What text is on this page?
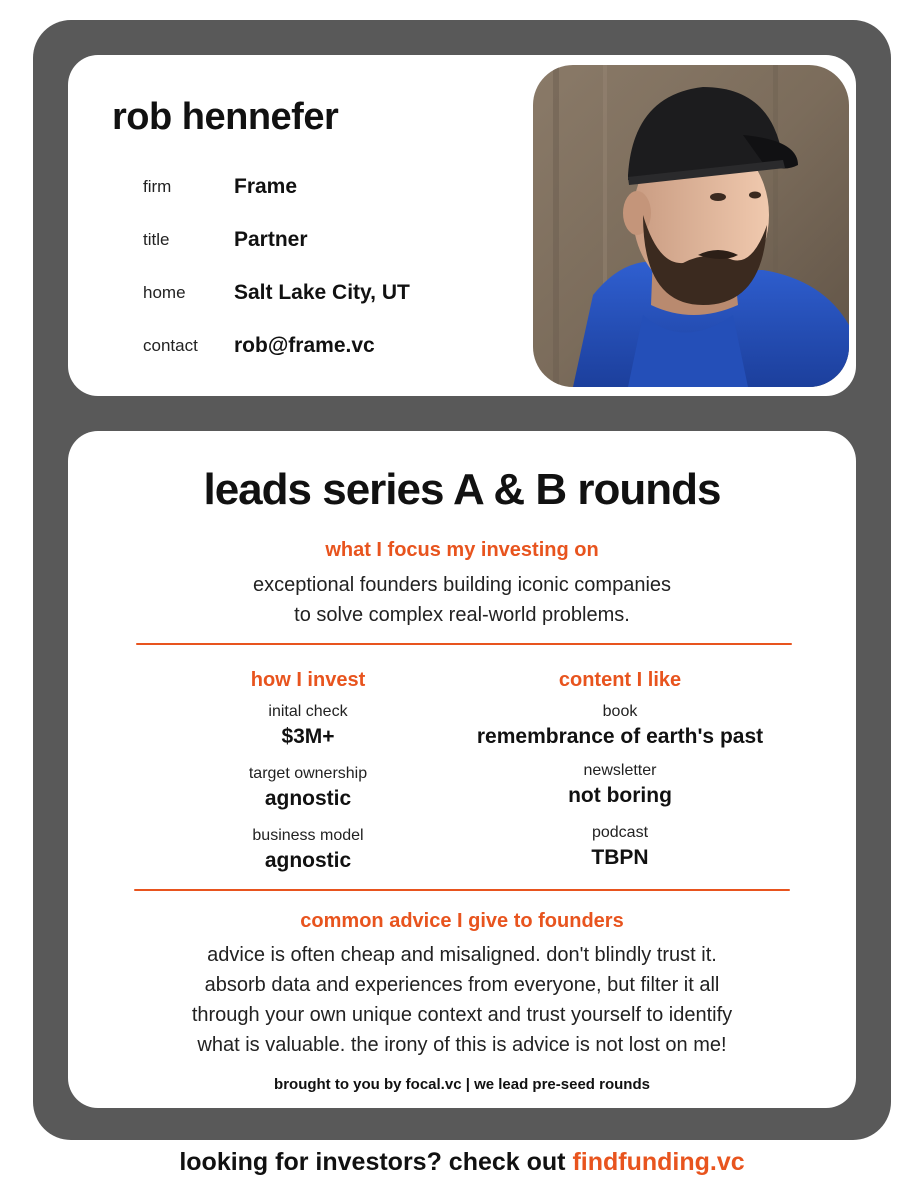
rob hennefer
firm	Frame
title	Partner
home Salt Lake City, UT
contact rob@frame.vc
leads series A & B rounds
what I focus my investing on
exceptional founders building iconic companies
to solve complex real-world problems.
how I invest
inital check
$3M+
target ownership
agnostic
business model
agnostic
content I like
book
remembrance of earth's past
newsletter
not boring
podcast
TBPN
common advice I give to founders
advice is often cheap and misaligned. don't blindly trust it.
absorb data and experiences from everyone, but filter it all
through your own unique context and trust yourself to identify
what is valuable. the irony of this is advice is not lost on me!
brought to you by focal.vc | we lead pre-seed rounds
looking for investors? check out findfunding.vc
